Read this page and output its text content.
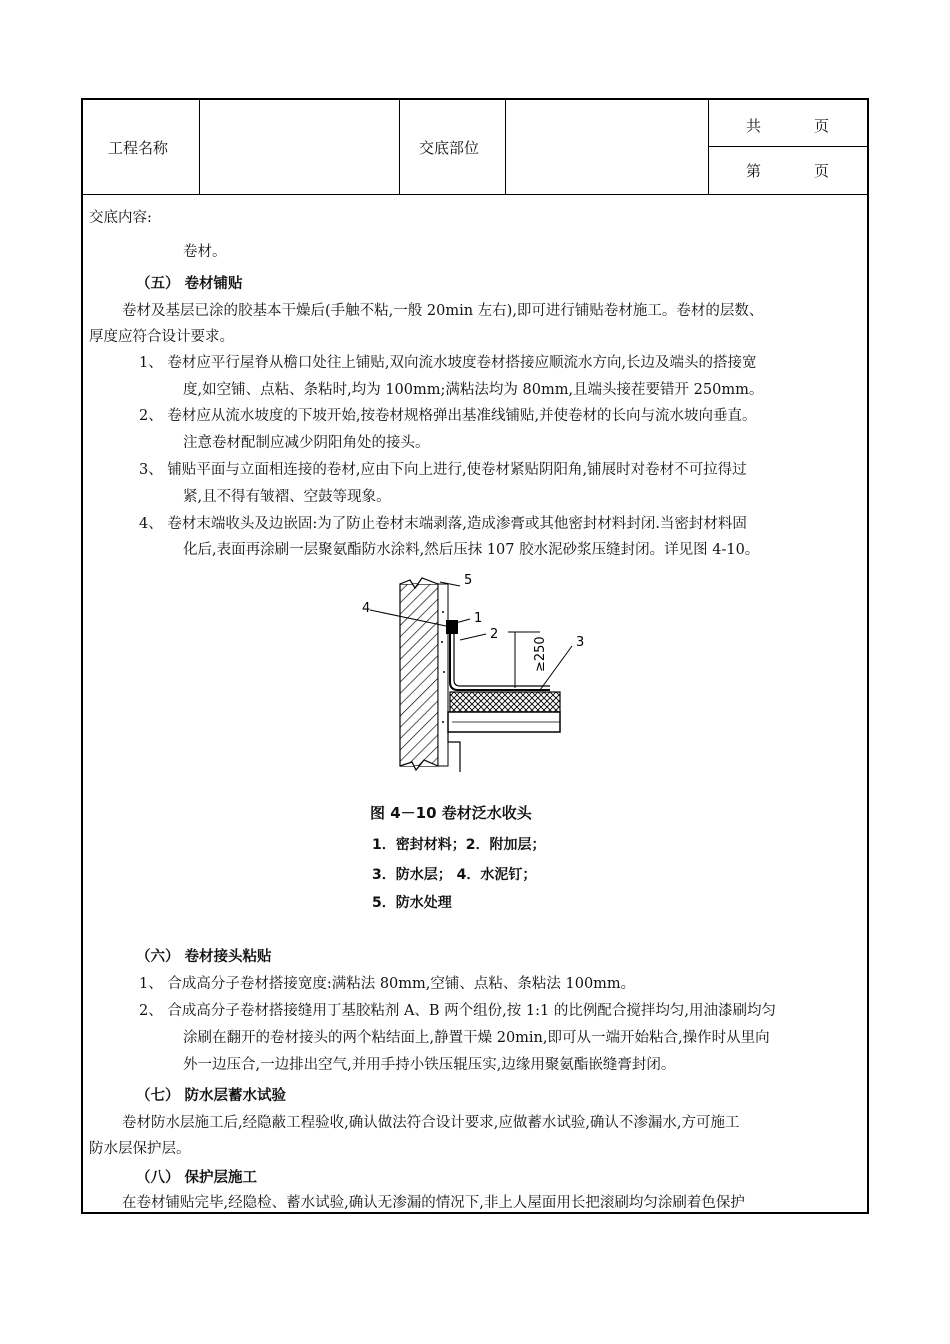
工程名称	交底部位
共	页
第	页
交底内容:
卷材。
（五） 卷材铺贴
卷材及基层已涂的胶基本干燥后(手触不粘,一般 20min 左右),即可进行铺贴卷材施工。卷材的层数、
厚度应符合设计要求。
1、 卷材应平行屋脊从檐口处往上铺贴,双向流水坡度卷材搭接应顺流水方向,长边及端头的搭接宽
度,如空铺、点粘、条粘时,均为 100mm;满粘法均为 80mm,且端头接茬要错开 250mm。
2、 卷材应从流水坡度的下坡开始,按卷材规格弹出基准线铺贴,并使卷材的长向与流水坡向垂直。
注意卷材配制应减少阴阳角处的接头。
3、 铺贴平面与立面相连接的卷材,应由下向上进行,使卷材紧贴阴阳角,铺展时对卷材不可拉得过
紧,且不得有皱褶、空鼓等现象。
4、 卷材末端收头及边嵌固:为了防止卷材末端剥落,造成渗膏或其他密封材料封闭.当密封材料固
化后,表面再涂刷一层聚氨酯防水涂料,然后压抹 107 胶水泥砂浆压缝封闭。详见图 4-10。
≥250
5
4
1
2
3
图 4－10 卷材泛水收头
1．密封材料；2．附加层；
3．防水层； 4．水泥钉；
5．防水处理
（六） 卷材接头粘贴
1、 合成高分子卷材搭接宽度:满粘法 80mm,空铺、点粘、条粘法 100mm。
2、 合成高分子卷材搭接缝用丁基胶粘剂 A、B 两个组份,按 1:1 的比例配合搅拌均匀,用油漆刷均匀
涂刷在翻开的卷材接头的两个粘结面上,静置干燥 20min,即可从一端开始粘合,操作时从里向
外一边压合,一边排出空气,并用手持小铁压辊压实,边缘用聚氨酯嵌缝膏封闭。
（七） 防水层蓄水试验
卷材防水层施工后,经隐蔽工程验收,确认做法符合设计要求,应做蓄水试验,确认不渗漏水,方可施工
防水层保护层。
（八） 保护层施工
在卷材铺贴完毕,经隐检、蓄水试验,确认无渗漏的情况下,非上人屋面用长把滚刷均匀涂刷着色保护
